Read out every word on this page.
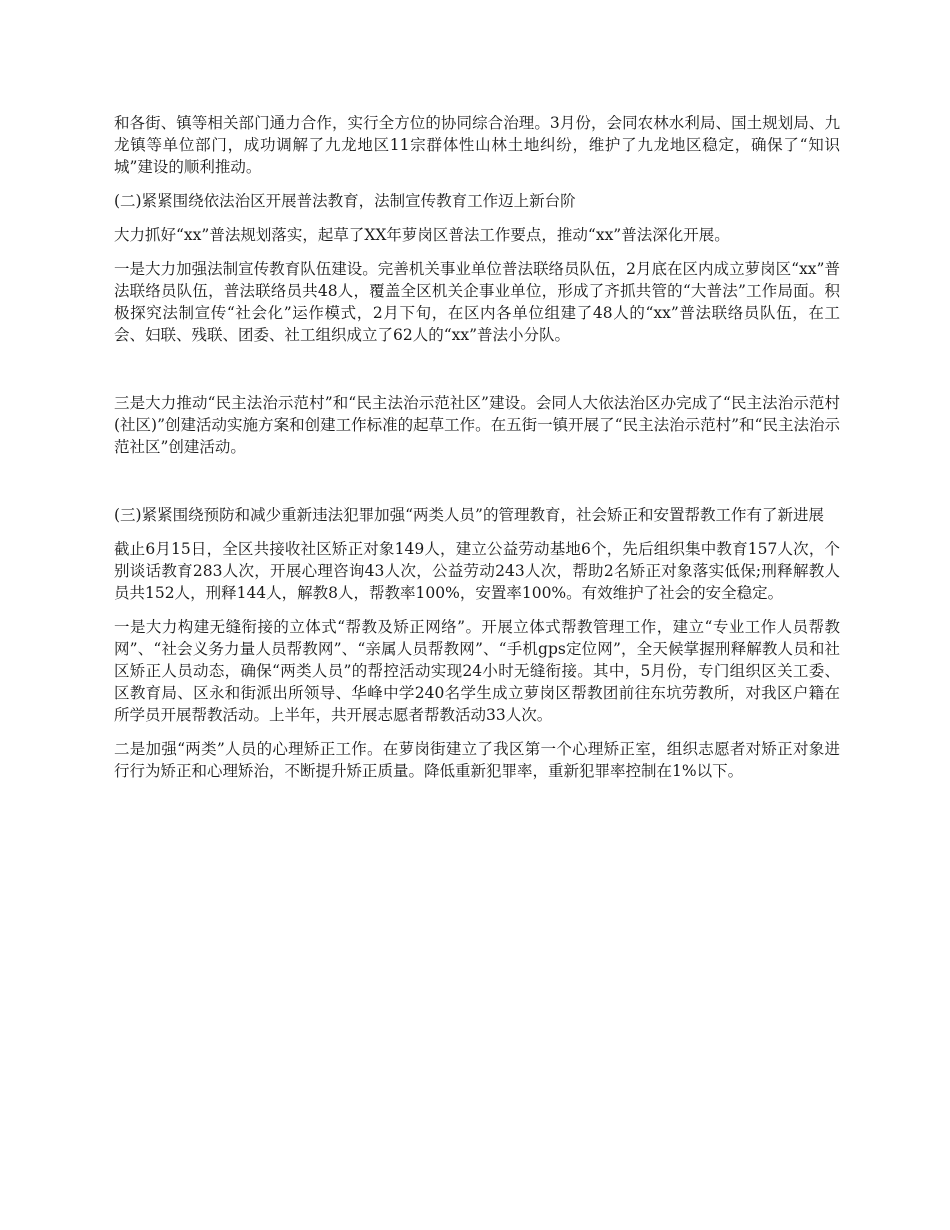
和各街、镇等相关部门通力合作，实行全方位的协同综合治理。3月份，会同农林水利局、国土规划局、九龙镇等单位部门，成功调解了九龙地区11宗群体性山林土地纠纷，维护了九龙地区稳定，确保了“知识城”建设的顺利推动。

(二)紧紧围绕依法治区开展普法教育，法制宣传教育工作迈上新台阶

大力抓好“xx”普法规划落实，起草了XX年萝岗区普法工作要点，推动“xx”普法深化开展。

一是大力加强法制宣传教育队伍建设。完善机关事业单位普法联络员队伍，2月底在区内成立萝岗区“xx”普法联络员队伍，普法联络员共48人，覆盖全区机关企事业单位，形成了齐抓共管的“大普法”工作局面。积极探究法制宣传“社会化”运作模式，2月下旬，在区内各单位组建了48人的“xx”普法联络员队伍，在工会、妇联、残联、团委、社工组织成立了62人的“xx”普法小分队。

三是大力推动“民主法治示范村”和“民主法治示范社区”建设。会同人大依法治区办完成了“民主法治示范村(社区)”创建活动实施方案和创建工作标准的起草工作。在五街一镇开展了“民主法治示范村”和“民主法治示范社区”创建活动。

(三)紧紧围绕预防和减少重新违法犯罪加强“两类人员”的管理教育，社会矫正和安置帮教工作有了新进展

截止6月15日，全区共接收社区矫正对象149人，建立公益劳动基地6个，先后组织集中教育157人次，个别谈话教育283人次，开展心理咨询43人次，公益劳动243人次，帮助2名矫正对象落实低保;刑释解教人员共152人，刑释144人，解教8人，帮教率100%，安置率100%。有效维护了社会的安全稳定。

一是大力构建无缝衔接的立体式“帮教及矫正网络”。开展立体式帮教管理工作，建立“专业工作人员帮教网”、“社会义务力量人员帮教网”、“亲属人员帮教网”、“手机gps定位网”，全天候掌握刑释解教人员和社区矫正人员动态，确保“两类人员”的帮控活动实现24小时无缝衔接。其中，5月份，专门组织区关工委、区教育局、区永和街派出所领导、华峰中学240名学生成立萝岗区帮教团前往东坑劳教所，对我区户籍在所学员开展帮教活动。上半年，共开展志愿者帮教活动33人次。

二是加强“两类”人员的心理矫正工作。在萝岗街建立了我区第一个心理矫正室，组织志愿者对矫正对象进行行为矫正和心理矫治，不断提升矫正质量。降低重新犯罪率，重新犯罪率控制在1%以下。
